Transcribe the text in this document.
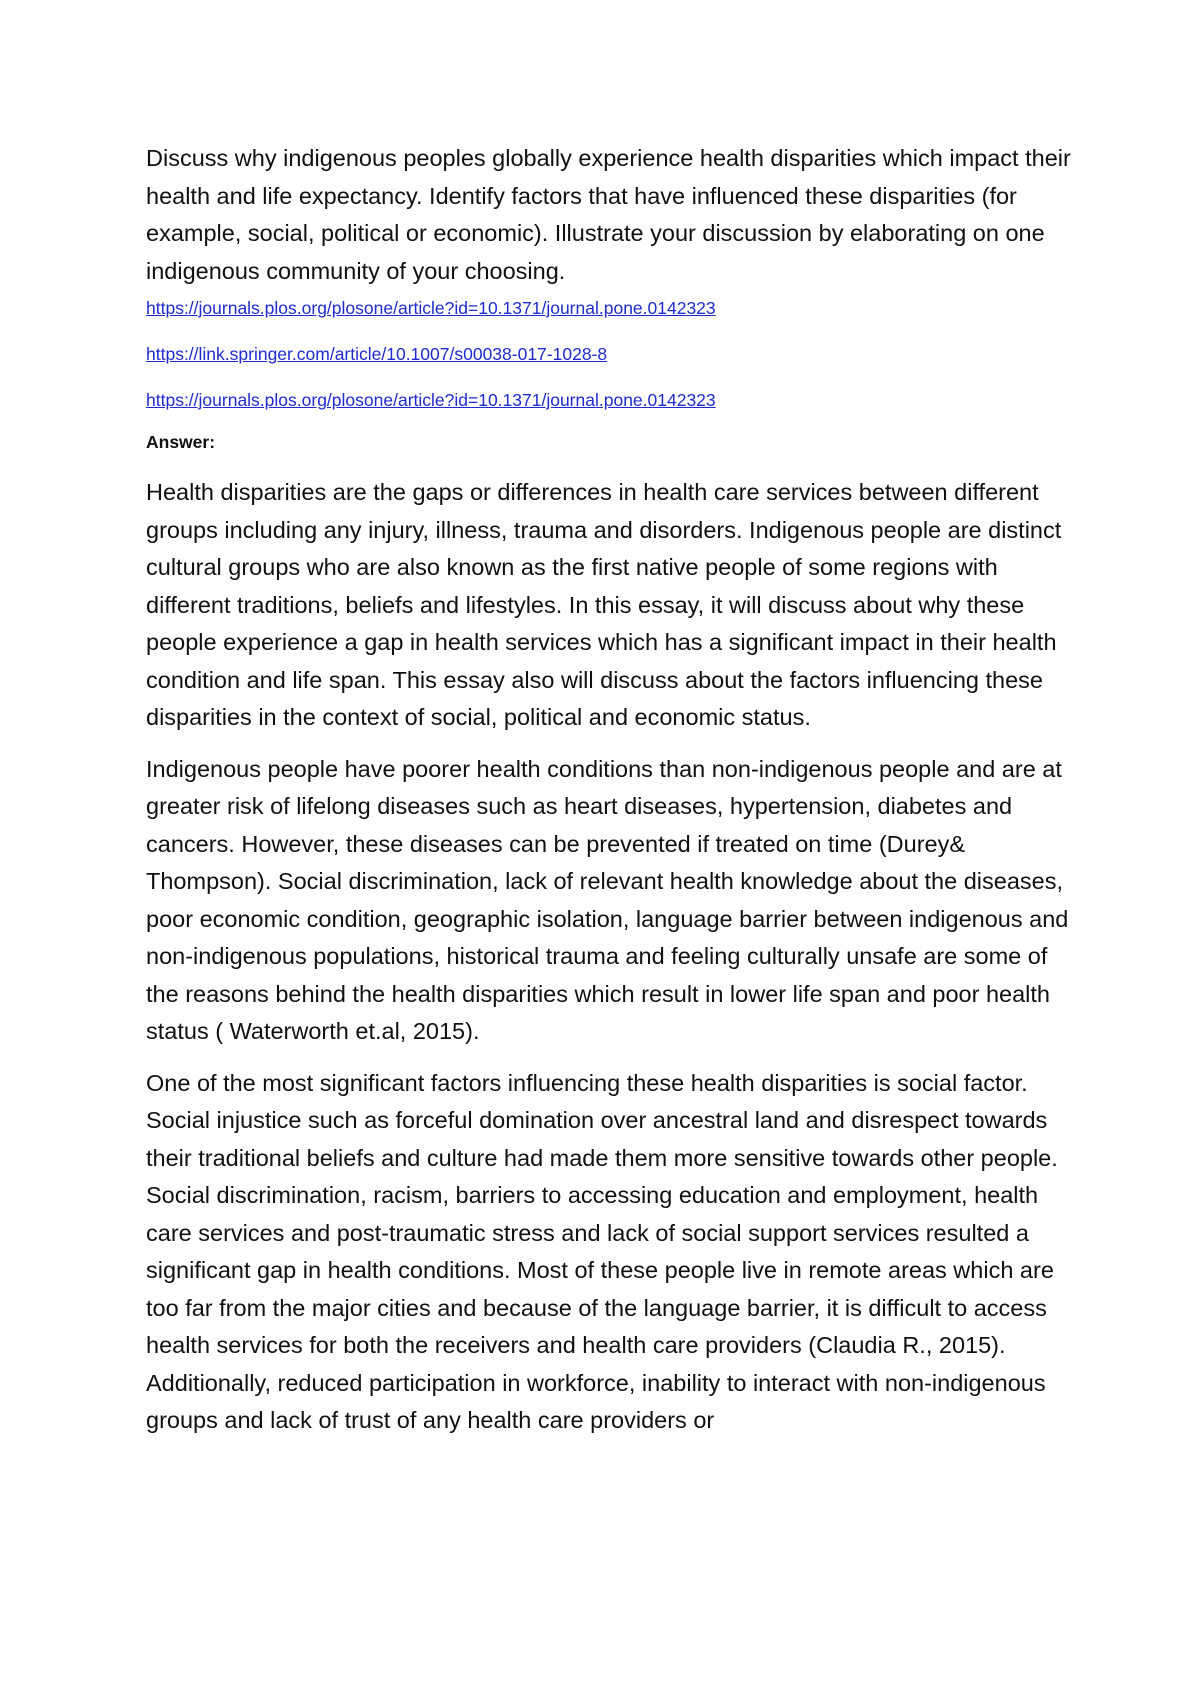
Discuss why indigenous peoples globally experience health disparities which impact their health and life expectancy. Identify factors that have influenced these disparities (for example, social, political or economic). Illustrate your discussion by elaborating on one indigenous community of your choosing.

https://journals.plos.org/plosone/article?id=10.1371/journal.pone.0142323
https://link.springer.com/article/10.1007/s00038-017-1028-8
https://journals.plos.org/plosone/article?id=10.1371/journal.pone.0142323

Answer:

Health disparities are the gaps or differences in health care services between different groups including any injury, illness, trauma and disorders. Indigenous people are distinct cultural groups who are also known as the first native people of some regions with different traditions, beliefs and lifestyles. In this essay, it will discuss about why these people experience a gap in health services which has a significant impact in their health condition and life span. This essay also will discuss about the factors influencing these disparities in the context of social, political and economic status.

Indigenous people have poorer health conditions than non-indigenous people and are at greater risk of lifelong diseases such as heart diseases, hypertension, diabetes and cancers. However, these diseases can be prevented if treated on time (Durey& Thompson). Social discrimination, lack of relevant health knowledge about the diseases, poor economic condition, geographic isolation, language barrier between indigenous and non-indigenous populations, historical trauma and feeling culturally unsafe are some of the reasons behind the health disparities which result in lower life span and poor health status ( Waterworth et.al, 2015).

One of the most significant factors influencing these health disparities is social factor. Social injustice such as forceful domination over ancestral land and disrespect towards their traditional beliefs and culture had made them more sensitive towards other people. Social discrimination, racism, barriers to accessing education and employment, health care services and post-traumatic stress and lack of social support services resulted a significant gap in health conditions. Most of these people live in remote areas which are too far from the major cities and because of the language barrier, it is difficult to access health services for both the receivers and health care providers (Claudia R., 2015). Additionally, reduced participation in workforce, inability to interact with non-indigenous groups and lack of trust of any health care providers or
